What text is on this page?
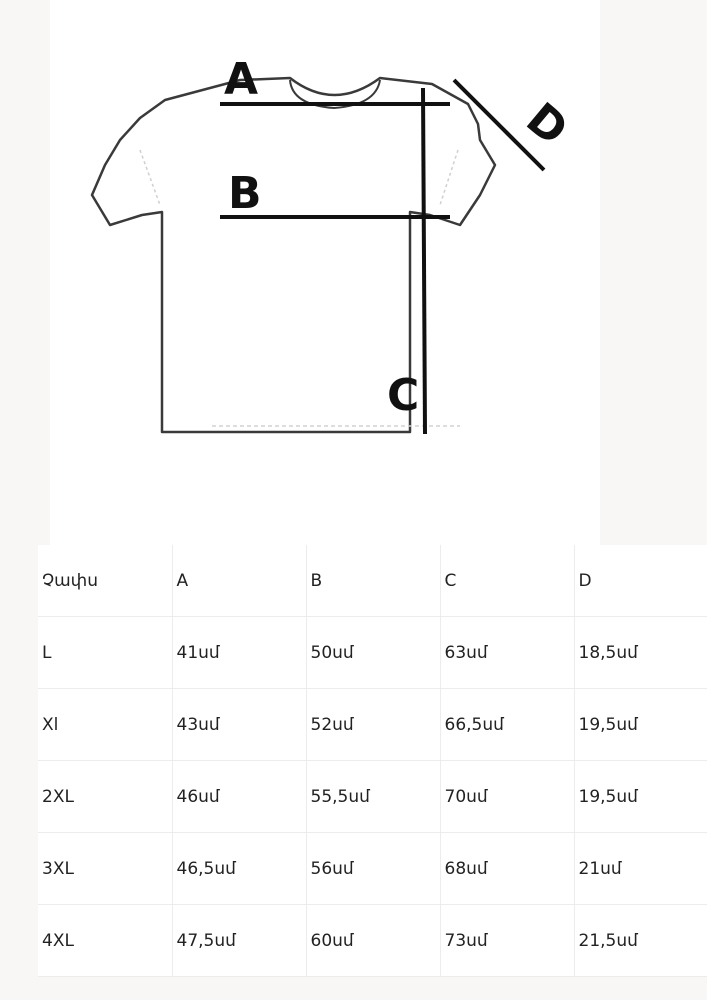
A
B
C
D
Չափս	A	B	C	D
L	41սմ	50սմ	63սմ	18,5սմ
Xl	43սմ	52սմ	66,5սմ	19,5սմ
2XL	46սմ	55,5սմ	70սմ	19,5սմ
3XL	46,5սմ	56սմ	68սմ	21սմ
4XL	47,5սմ	60սմ	73սմ	21,5սմ
